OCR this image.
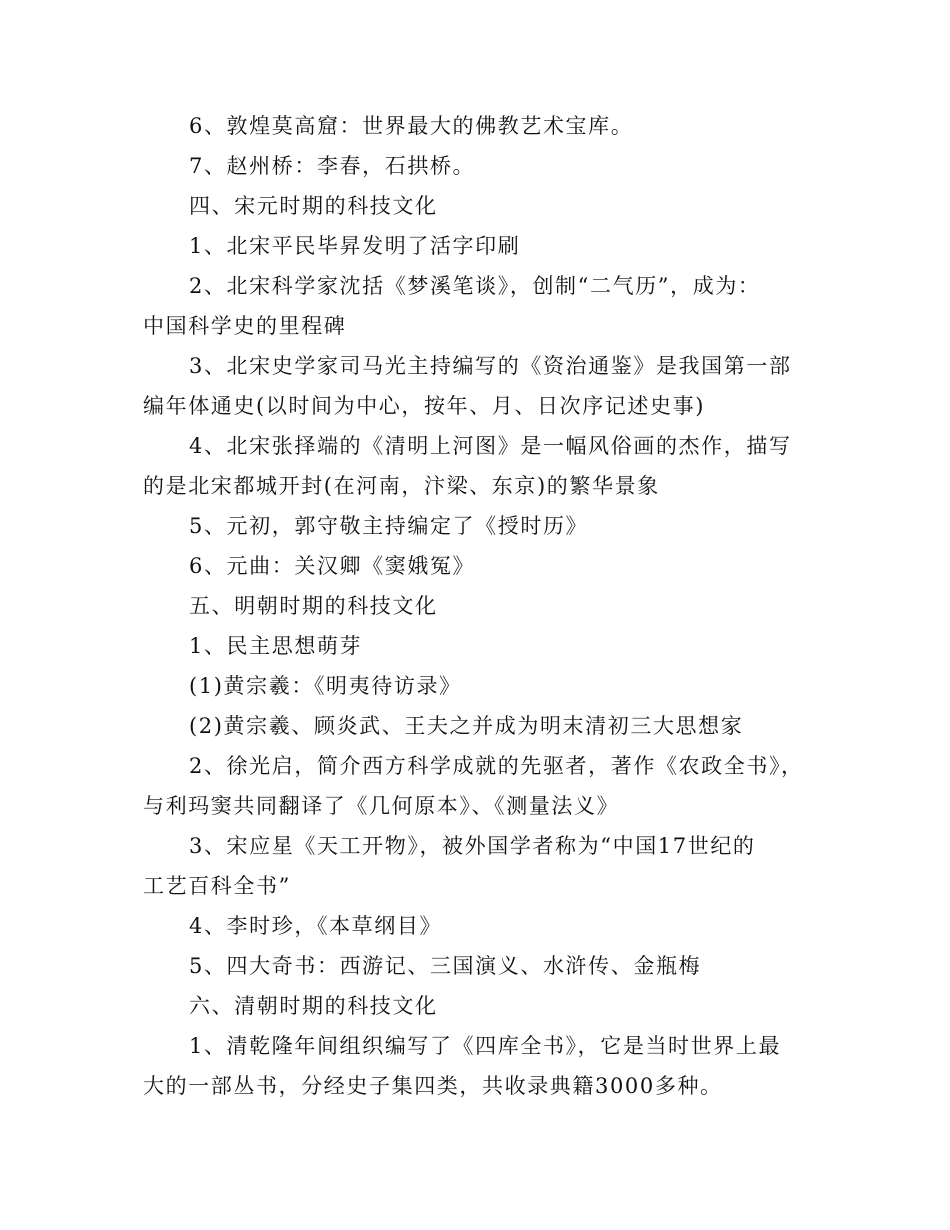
6、敦煌莫高窟：世界最大的佛教艺术宝库。
7、赵州桥：李春，石拱桥。
四、宋元时期的科技文化
1、北宋平民毕昇发明了活字印刷
2、北宋科学家沈括《梦溪笔谈》，创制“二气历”，成为：
中国科学史的里程碑
3、北宋史学家司马光主持编写的《资治通鉴》是我国第一部
编年体通史(以时间为中心，按年、月、日次序记述史事)
4、北宋张择端的《清明上河图》是一幅风俗画的杰作，描写
的是北宋都城开封(在河南，汴梁、东京)的繁华景象
5、元初，郭守敬主持编定了《授时历》
6、元曲：关汉卿《窦娥冤》
五、明朝时期的科技文化
1、民主思想萌芽
(1)黄宗羲：《明夷待访录》
(2)黄宗羲、顾炎武、王夫之并成为明末清初三大思想家
2、徐光启，简介西方科学成就的先驱者，著作《农政全书》，
与利玛窦共同翻译了《几何原本》、《测量法义》
3、宋应星《天工开物》，被外国学者称为“中国17世纪的
工艺百科全书”
4、李时珍，《本草纲目》
5、四大奇书：西游记、三国演义、水浒传、金瓶梅
六、清朝时期的科技文化
1、清乾隆年间组织编写了《四库全书》，它是当时世界上最
大的一部丛书，分经史子集四类，共收录典籍3000多种。
